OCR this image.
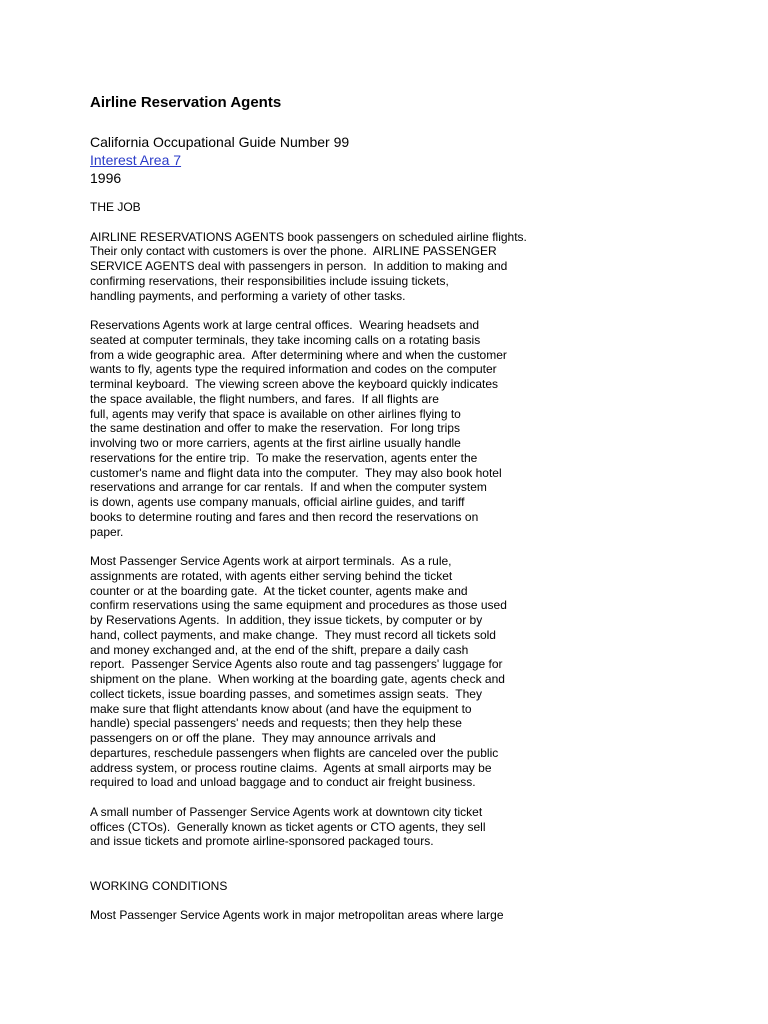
Airline Reservation Agents
California Occupational Guide Number 99
Interest Area 7
1996
THE JOB
AIRLINE RESERVATIONS AGENTS book passengers on scheduled airline flights.
Their only contact with customers is over the phone.  AIRLINE PASSENGER
SERVICE AGENTS deal with passengers in person.  In addition to making and
confirming reservations, their responsibilities include issuing tickets,
handling payments, and performing a variety of other tasks.
Reservations Agents work at large central offices.  Wearing headsets and
seated at computer terminals, they take incoming calls on a rotating basis
from a wide geographic area.  After determining where and when the customer
wants to fly, agents type the required information and codes on the computer
terminal keyboard.  The viewing screen above the keyboard quickly indicates
the space available, the flight numbers, and fares.  If all flights are
full, agents may verify that space is available on other airlines flying to
the same destination and offer to make the reservation.  For long trips
involving two or more carriers, agents at the first airline usually handle
reservations for the entire trip.  To make the reservation, agents enter the
customer's name and flight data into the computer.  They may also book hotel
reservations and arrange for car rentals.  If and when the computer system
is down, agents use company manuals, official airline guides, and tariff
books to determine routing and fares and then record the reservations on
paper.
Most Passenger Service Agents work at airport terminals.  As a rule,
assignments are rotated, with agents either serving behind the ticket
counter or at the boarding gate.  At the ticket counter, agents make and
confirm reservations using the same equipment and procedures as those used
by Reservations Agents.  In addition, they issue tickets, by computer or by
hand, collect payments, and make change.  They must record all tickets sold
and money exchanged and, at the end of the shift, prepare a daily cash
report.  Passenger Service Agents also route and tag passengers' luggage for
shipment on the plane.  When working at the boarding gate, agents check and
collect tickets, issue boarding passes, and sometimes assign seats.  They
make sure that flight attendants know about (and have the equipment to
handle) special passengers' needs and requests; then they help these
passengers on or off the plane.  They may announce arrivals and
departures, reschedule passengers when flights are canceled over the public
address system, or process routine claims.  Agents at small airports may be
required to load and unload baggage and to conduct air freight business.
A small number of Passenger Service Agents work at downtown city ticket
offices (CTOs).  Generally known as ticket agents or CTO agents, they sell
and issue tickets and promote airline-sponsored packaged tours.
WORKING CONDITIONS
Most Passenger Service Agents work in major metropolitan areas where large
